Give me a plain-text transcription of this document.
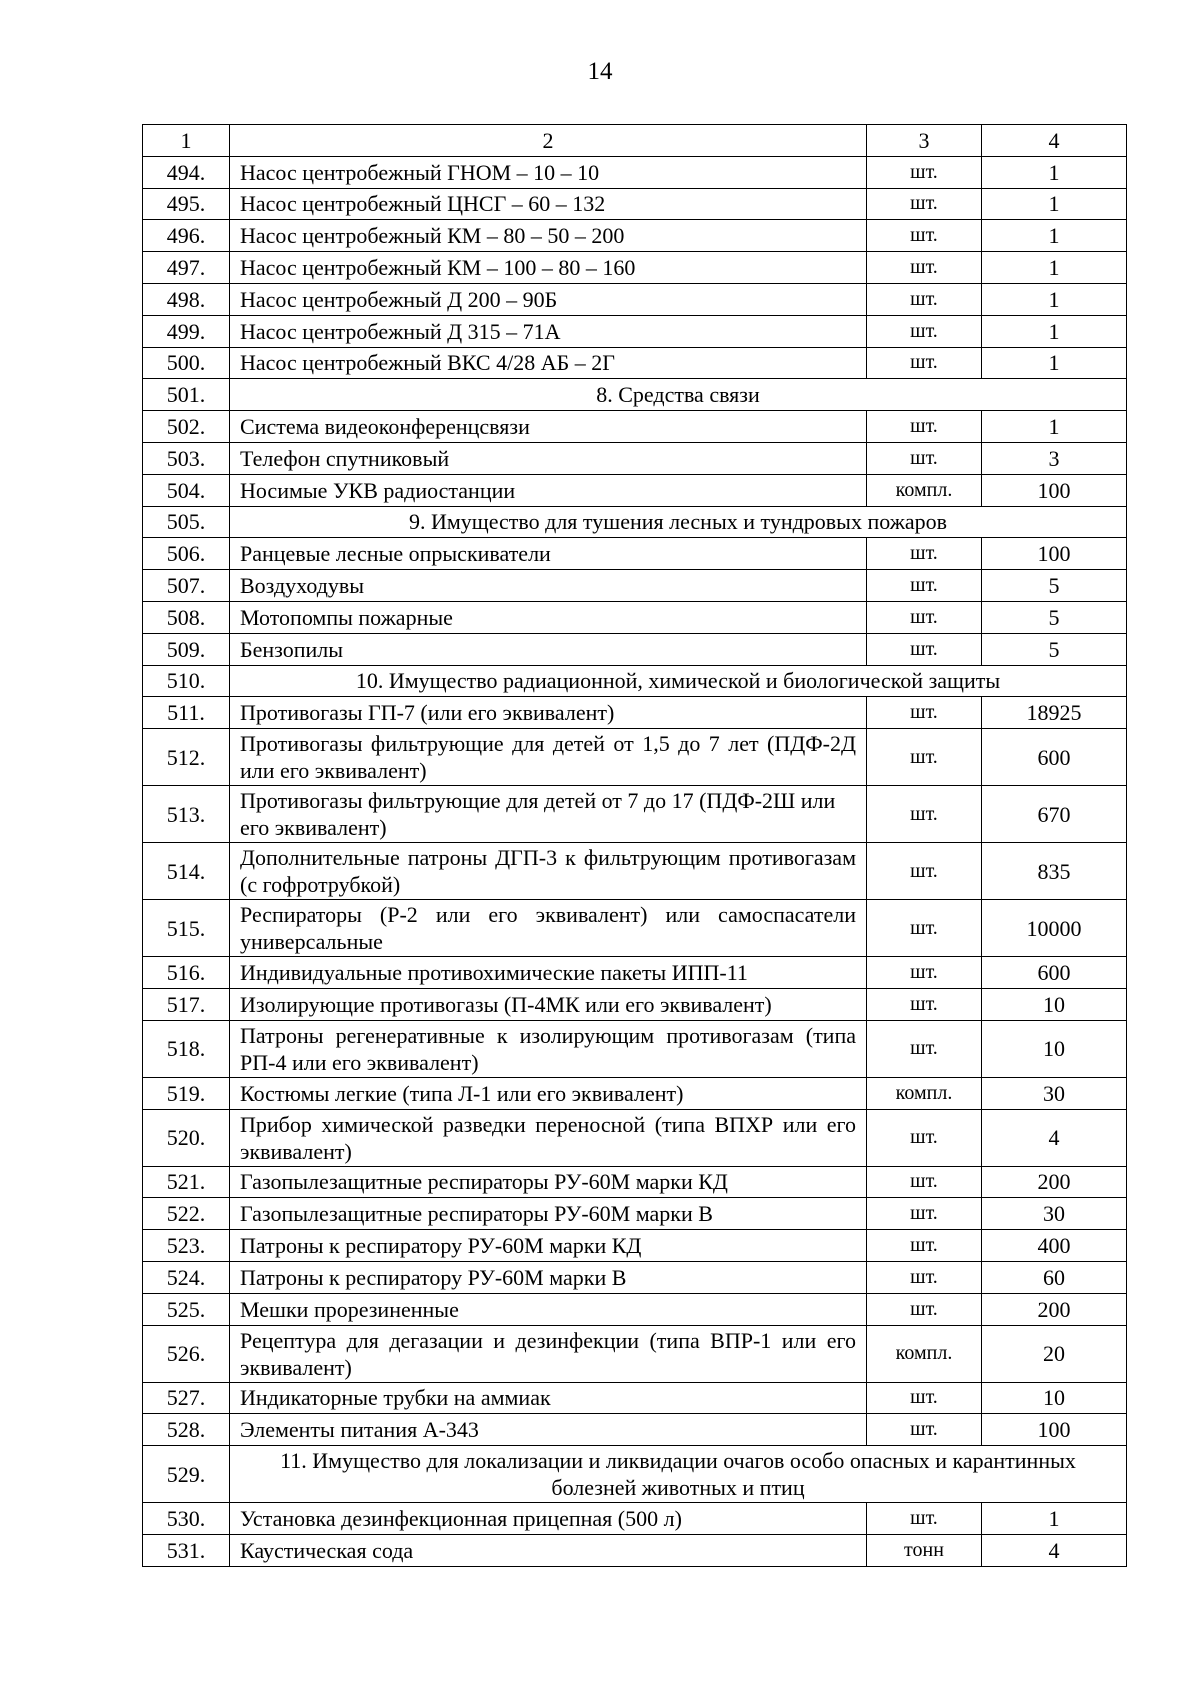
14
1	2	3	4
494.	Насос центробежный ГНОМ – 10 – 10	шт.	1
495.	Насос центробежный ЦНСГ – 60 – 132	шт.	1
496.	Насос центробежный КМ – 80 – 50 – 200	шт.	1
497.	Насос центробежный КМ – 100 – 80 – 160	шт.	1
498.	Насос центробежный Д 200 – 90Б	шт.	1
499.	Насос центробежный Д 315 – 71А	шт.	1
500.	Насос центробежный ВКС 4/28 АБ – 2Г	шт.	1
501.	8. Средства связи		
502.	Система видеоконференцсвязи	шт.	1
503.	Телефон спутниковый	шт.	3
504.	Носимые УКВ радиостанции	компл.	100
505.	9. Имущество для тушения лесных и тундровых пожаров		
506.	Ранцевые лесные опрыскиватели	шт.	100
507.	Воздуходувы	шт.	5
508.	Мотопомпы пожарные	шт.	5
509.	Бензопилы	шт.	5
510.	10. Имущество радиационной, химической и биологической защиты		
511.	Противогазы ГП-7 (или его эквивалент)	шт.	18925
512.	Противогазы фильтрующие для детей от 1,5 до 7 лет (ПДФ-2Д или его эквивалент)	шт.	600
513.	Противогазы фильтрующие для детей от 7 до 17 (ПДФ-2Ш или его эквивалент)	шт.	670
514.	Дополнительные патроны ДГП-3 к фильтрующим противогазам (с гофротрубкой)	шт.	835
515.	Респираторы (Р-2 или его эквивалент) или самоспасатели универсальные	шт.	10000
516.	Индивидуальные противохимические пакеты ИПП-11	шт.	600
517.	Изолирующие противогазы (П-4МК или его эквивалент)	шт.	10
518.	Патроны регенеративные к изолирующим противогазам (типа РП-4 или его эквивалент)	шт.	10
519.	Костюмы легкие (типа Л-1 или его эквивалент)	компл.	30
520.	Прибор химической разведки переносной (типа ВПХР или его эквивалент)	шт.	4
521.	Газопылезащитные респираторы РУ-60М марки КД	шт.	200
522.	Газопылезащитные респираторы РУ-60М марки В	шт.	30
523.	Патроны к респиратору РУ-60М марки КД	шт.	400
524.	Патроны к респиратору РУ-60М марки В	шт.	60
525.	Мешки прорезиненные	шт.	200
526.	Рецептура для дегазации и дезинфекции (типа ВПР-1 или его эквивалент)	компл.	20
527.	Индикаторные трубки на аммиак	шт.	10
528.	Элементы питания А-343	шт.	100
529.	11. Имущество для локализации и ликвидации очагов особо опасных и карантинных болезней животных и птиц		
530.	Установка дезинфекционная прицепная (500 л)	шт.	1
531.	Каустическая сода	тонн	4
